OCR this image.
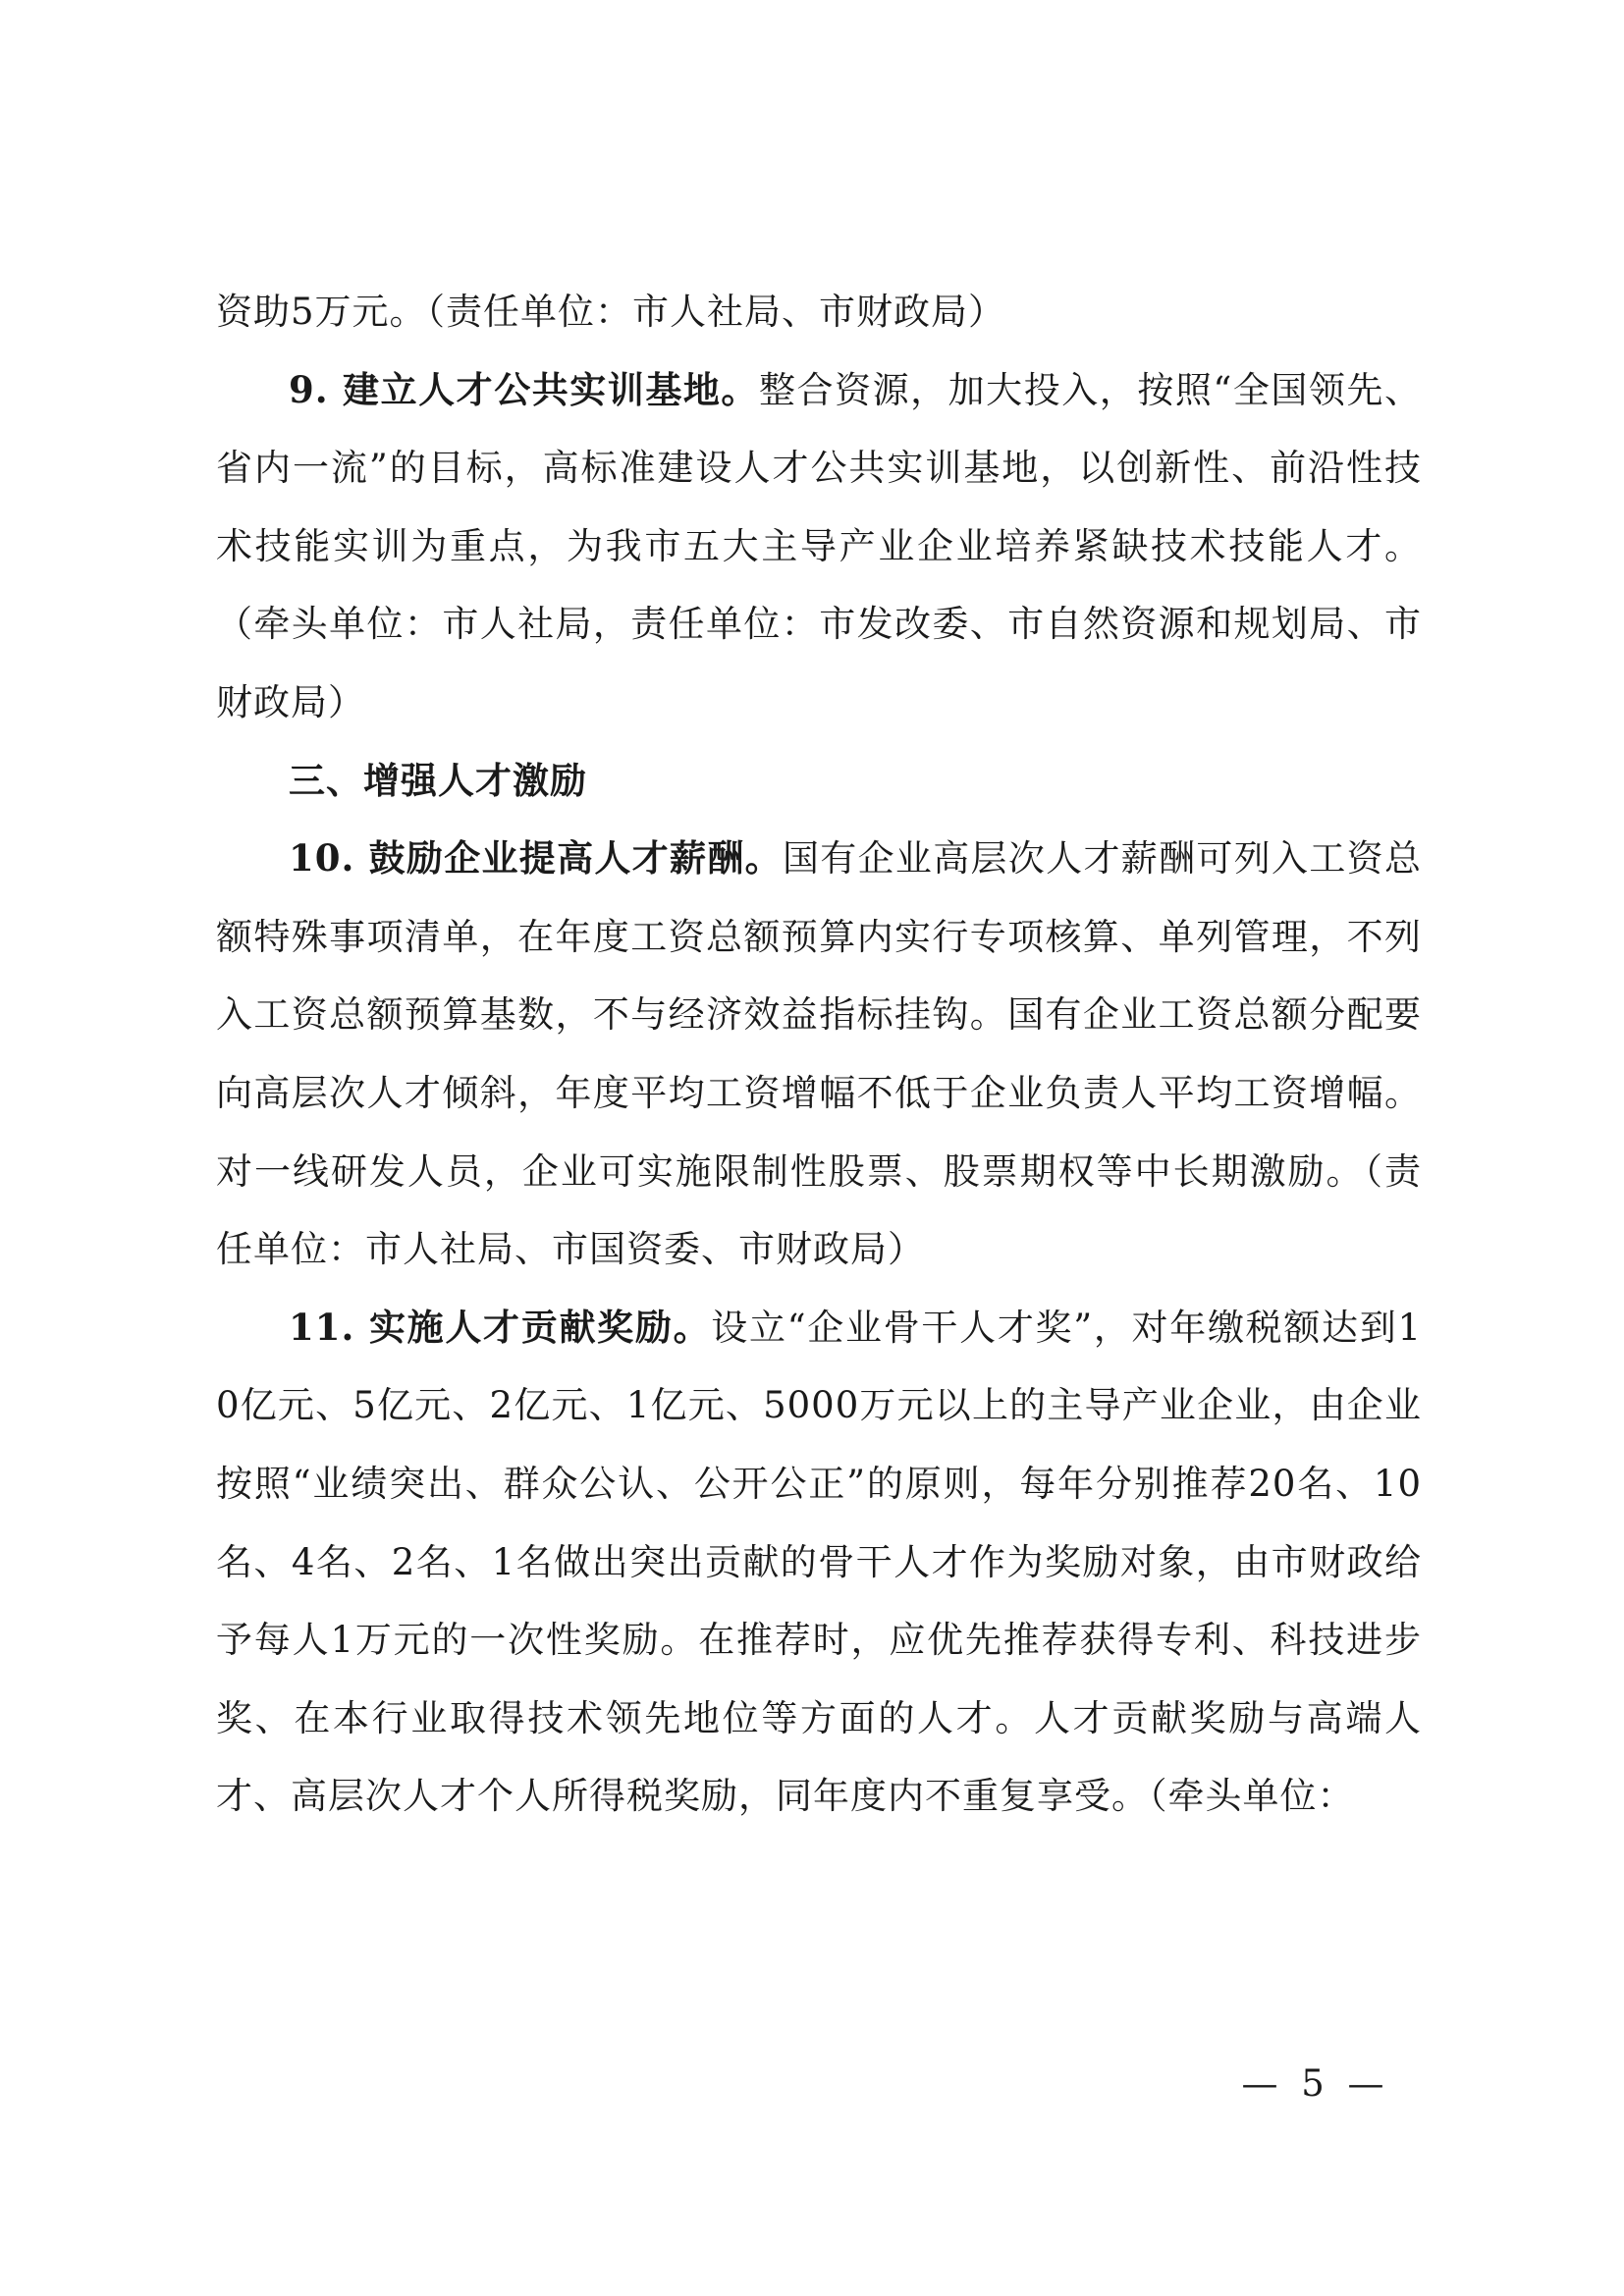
资助5万元。（责任单位：市人社局、市财政局）

9. 建立人才公共实训基地。整合资源，加大投入，按照“全国领先、省内一流”的目标，高标准建设人才公共实训基地，以创新性、前沿性技术技能实训为重点，为我市五大主导产业企业培养紧缺技术技能人才。（牵头单位：市人社局，责任单位：市发改委、市自然资源和规划局、市财政局）

三、增强人才激励

10. 鼓励企业提高人才薪酬。国有企业高层次人才薪酬可列入工资总额特殊事项清单，在年度工资总额预算内实行专项核算、单列管理，不列入工资总额预算基数，不与经济效益指标挂钩。国有企业工资总额分配要向高层次人才倾斜，年度平均工资增幅不低于企业负责人平均工资增幅。对一线研发人员，企业可实施限制性股票、股票期权等中长期激励。（责任单位：市人社局、市国资委、市财政局）

11. 实施人才贡献奖励。设立“企业骨干人才奖”，对年缴税额达到10亿元、5亿元、2亿元、1亿元、5000万元以上的主导产业企业，由企业按照“业绩突出、群众公认、公开公正”的原则，每年分别推荐20名、10名、4名、2名、1名做出突出贡献的骨干人才作为奖励对象，由市财政给予每人1万元的一次性奖励。在推荐时，应优先推荐获得专利、科技进步奖、在本行业取得技术领先地位等方面的人才。人才贡献奖励与高端人才、高层次人才个人所得税奖励，同年度内不重复享受。（牵头单位：

— 5 —
